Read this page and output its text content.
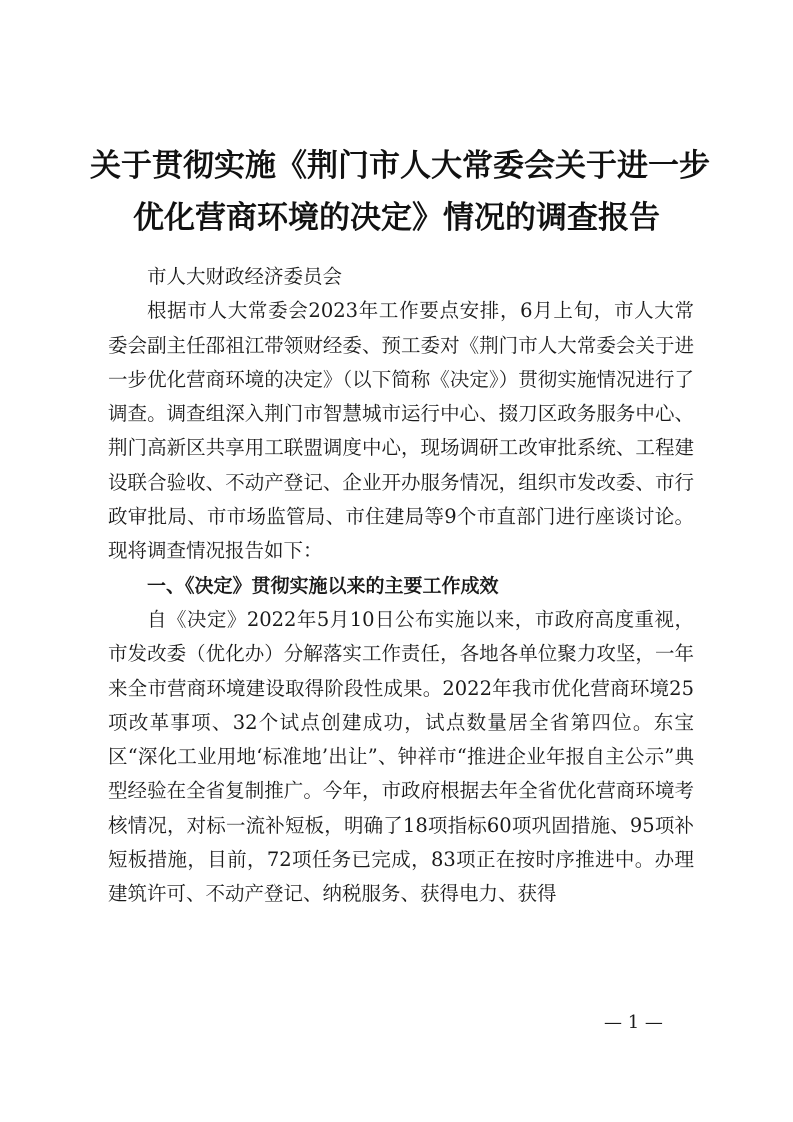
关于贯彻实施《荆门市人大常委会关于进一步
优化营商环境的决定》情况的调查报告

市人大财政经济委员会

根据市人大常委会2023年工作要点安排，6月上旬，市人大常委会副主任邵祖江带领财经委、预工委对《荆门市人大常委会关于进一步优化营商环境的决定》（以下简称《决定》）贯彻实施情况进行了调查。调查组深入荆门市智慧城市运行中心、掇刀区政务服务中心、荆门高新区共享用工联盟调度中心，现场调研工改审批系统、工程建设联合验收、不动产登记、企业开办服务情况，组织市发改委、市行政审批局、市市场监管局、市住建局等9个市直部门进行座谈讨论。现将调查情况报告如下：

一、《决定》贯彻实施以来的主要工作成效

自《决定》2022年5月10日公布实施以来，市政府高度重视，市发改委（优化办）分解落实工作责任，各地各单位聚力攻坚，一年来全市营商环境建设取得阶段性成果。2022年我市优化营商环境25项改革事项、32个试点创建成功，试点数量居全省第四位。东宝区“深化工业用地‘标准地’出让”、钟祥市“推进企业年报自主公示”典型经验在全省复制推广。今年，市政府根据去年全省优化营商环境考核情况，对标一流补短板，明确了18项指标60项巩固措施、95项补短板措施，目前，72项任务已完成，83项正在按时序推进中。办理建筑许可、不动产登记、纳税服务、获得电力、获得

— 1 —
